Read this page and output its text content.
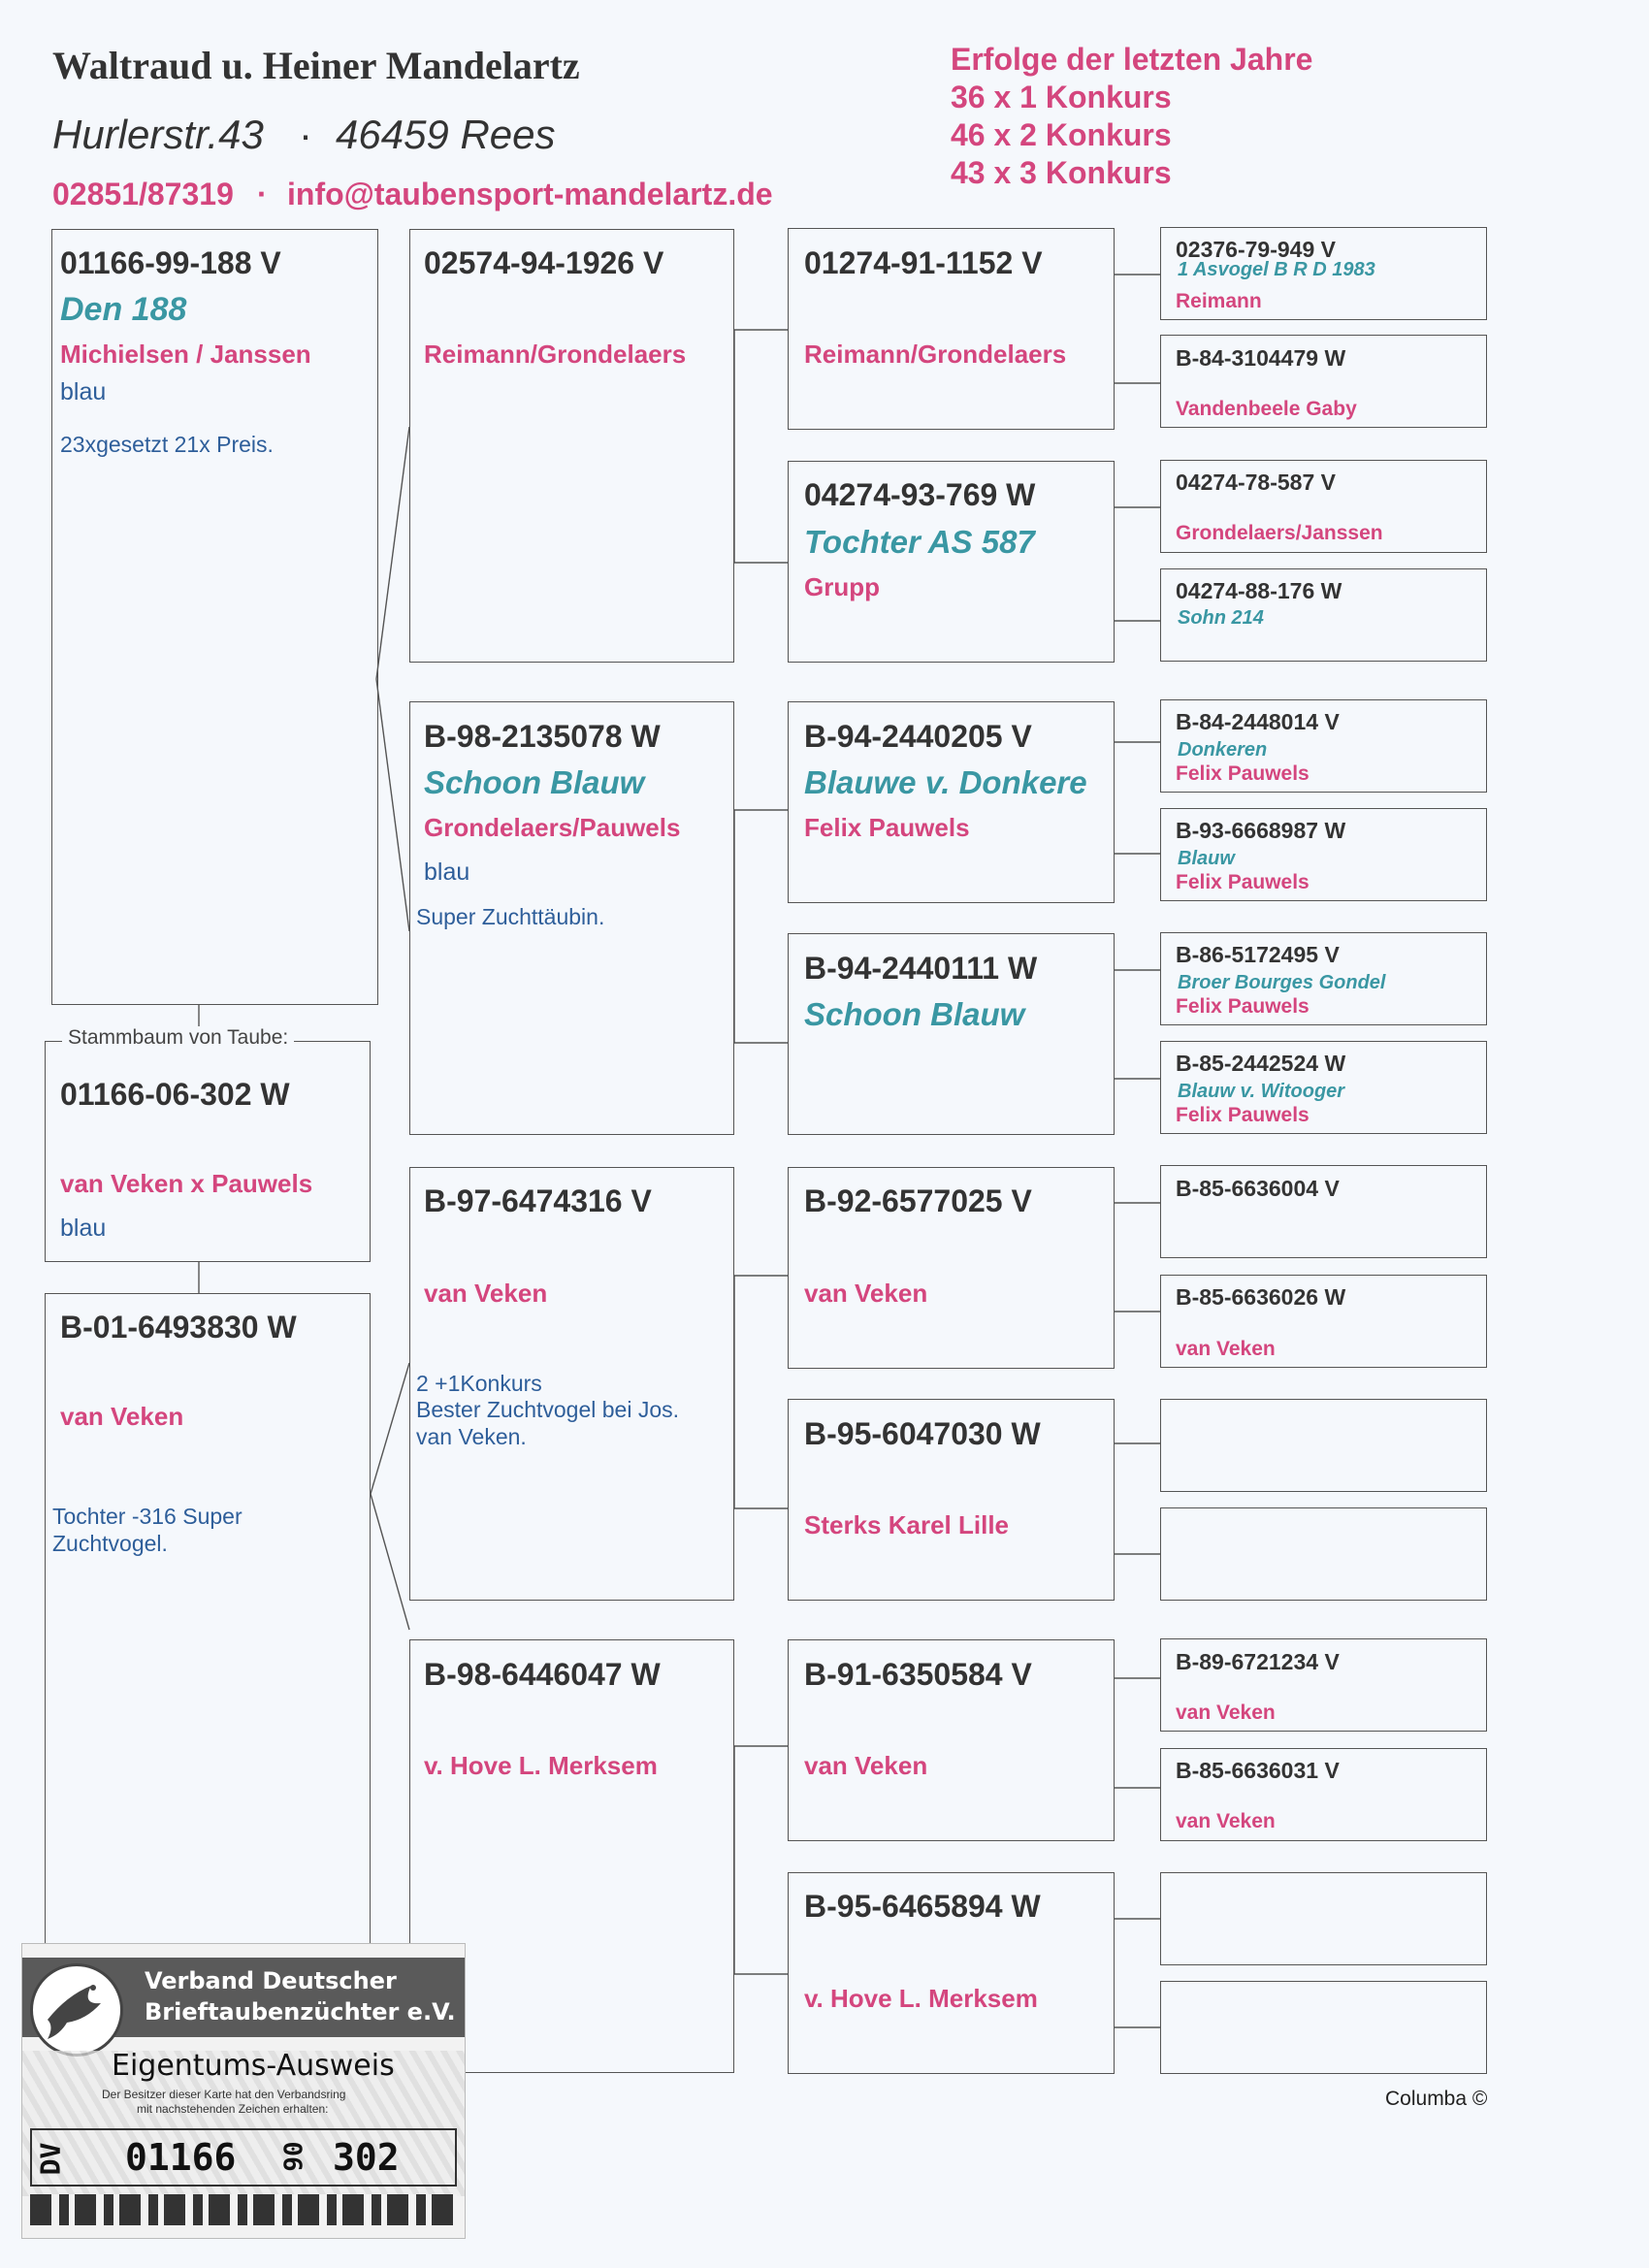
Waltraud u. Heiner Mandelartz
Hurlerstr.43 · 46459 Rees
02851/87319 · info@taubensport-mandelartz.de
Erfolge der letzten Jahre
36 x 1 Konkurs
46 x 2 Konkurs
43 x 3 Konkurs
01166-99-188 V
Den 188
Michielsen / Janssen
blau
23xgesetzt 21x Preis.
Stammbaum von Taube:
01166-06-302 W
van Veken x Pauwels
blau
B-01-6493830 W
van Veken
Tochter -316 Super
Zuchtvogel.
02574-94-1926 V
Reimann/Grondelaers
B-98-2135078 W
Schoon Blauw
Grondelaers/Pauwels
blau
Super Zuchttäubin.
B-97-6474316 V
van Veken
2 +1Konkurs
Bester Zuchtvogel bei Jos.
van Veken.
B-98-6446047 W
v. Hove L. Merksem
01274-91-1152 V
Reimann/Grondelaers
04274-93-769 W
Tochter AS 587
Grupp
B-94-2440205 V
Blauwe v. Donkere
Felix Pauwels
B-94-2440111 W
Schoon Blauw
B-92-6577025 V
van Veken
B-95-6047030 W
Sterks Karel Lille
B-91-6350584 V
van Veken
B-95-6465894 W
v. Hove L. Merksem
02376-79-949 V
1 Asvogel B R D 1983
Reimann
B-84-3104479 W
Vandenbeele Gaby
04274-78-587 V
Grondelaers/Janssen
04274-88-176 W
Sohn 214
B-84-2448014 V
Donkeren
Felix Pauwels
B-93-6668987 W
Blauw
Felix Pauwels
B-86-5172495 V
Broer Bourges Gondel
Felix Pauwels
B-85-2442524 W
Blauw v. Witooger
Felix Pauwels
B-85-6636004 V
B-85-6636026 W
van Veken
B-89-6721234 V
van Veken
B-85-6636031 V
van Veken
Columba ©
Verband Deutscher
Brieftaubenzüchter e.V.
Eigentums-Ausweis
Der Besitzer dieser Karte hat den Verbandsring
mit nachstehenden Zeichen erhalten:
DV 01166 06 302
